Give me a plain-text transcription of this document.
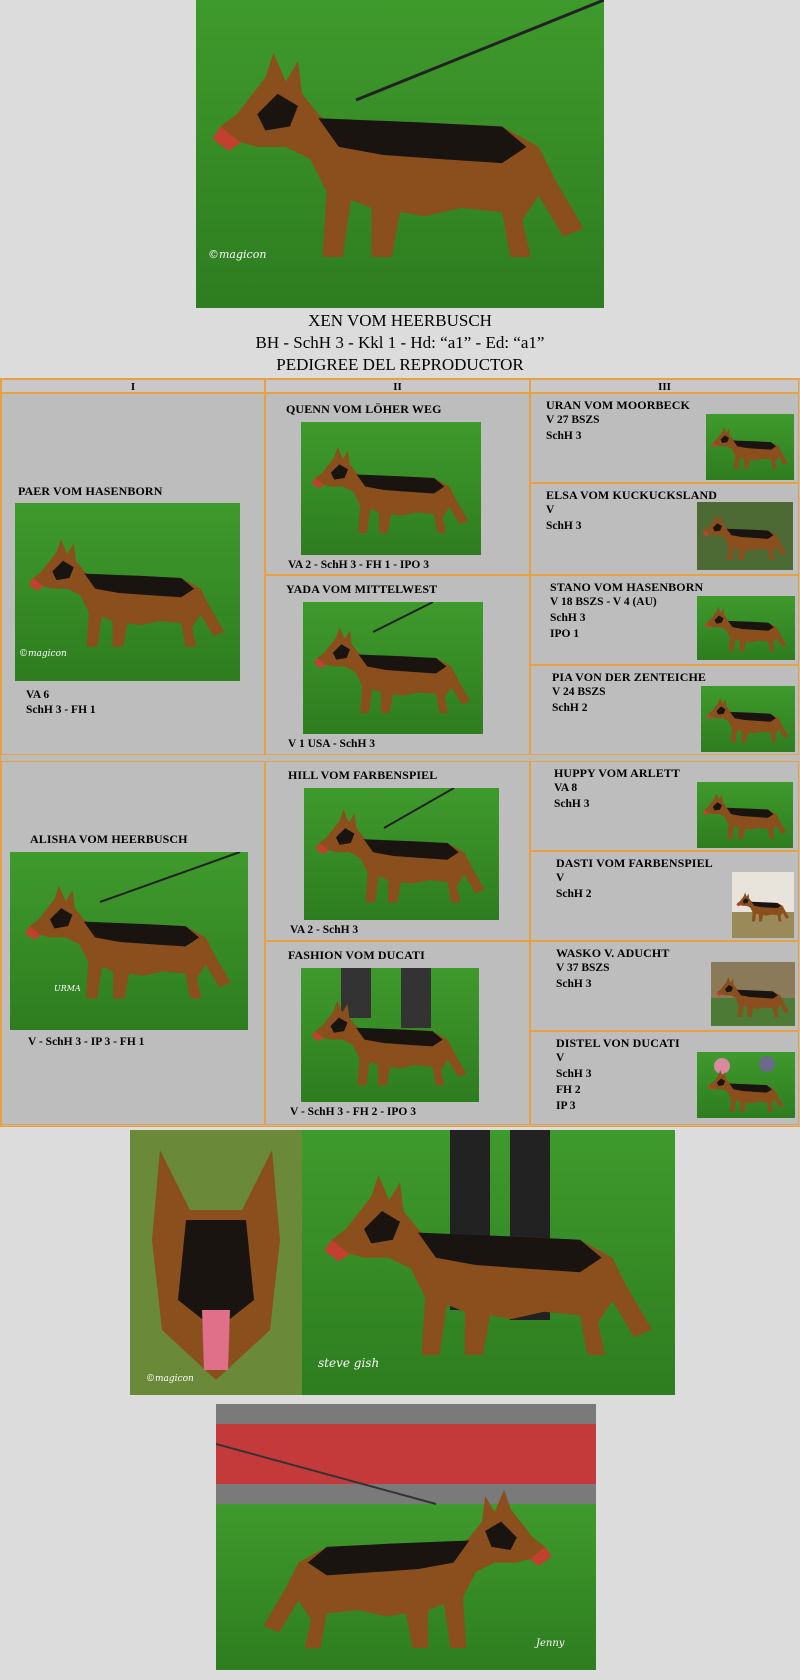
©magicon
XEN VOM HEERBUSCH
BH - SchH 3 - Kkl 1 - Hd: “a1” - Ed: “a1”
PEDIGREE DEL REPRODUCTOR
I	II	III
PAER VOM HASENBORN
©magicon
VA 6
SchH 3 - FH 1
ALISHA VOM HEERBUSCH
URMA
V - SchH 3 - IP 3 - FH 1
QUENN VOM LÖHER WEG
VA 2 - SchH 3 - FH 1 - IPO 3
YADA VOM MITTELWEST
V 1 USA - SchH 3
HILL VOM FARBENSPIEL
VA 2 - SchH 3
FASHION VOM DUCATI
V - SchH 3 - FH 2 - IPO 3
URAN VOM MOORBECK
V 27 BSZS
SchH 3
ELSA VOM KUCKUCKSLAND
V
SchH 3
STANO VOM HASENBORN
V 18 BSZS - V 4 (AU)
SchH 3
IPO 1
PIA VON DER ZENTEICHE
V 24 BSZS
SchH 2
HUPPY VOM ARLETT
VA 8
SchH 3
DASTI VOM FARBENSPIEL
V
SchH 2
WASKO V. ADUCHT
V 37 BSZS
SchH 3
DISTEL VON DUCATI
V
SchH 3
FH 2
IP 3
©magicon
steve gish
Jenny
